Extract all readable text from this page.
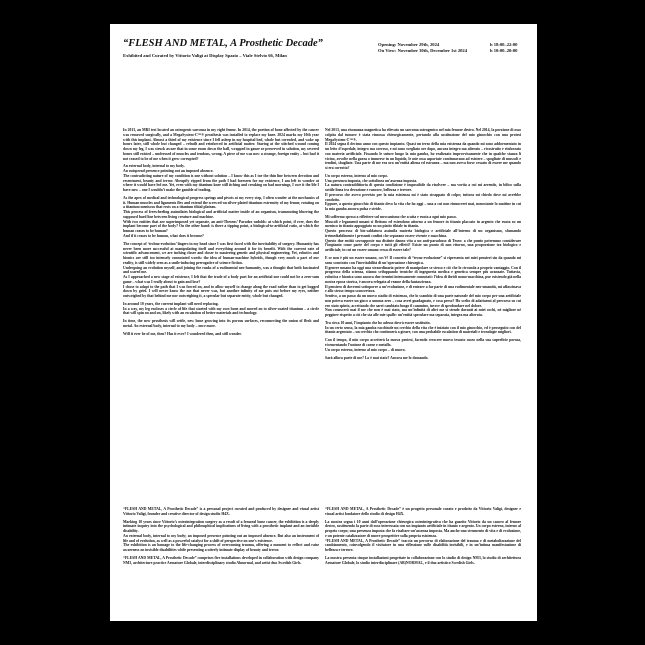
“FLESH AND METAL, A Prosthetic Decade”
Exhibited and Curated by Vittorio Valigi at Display Spazio – Viale Stelvio 66, Milan
Opening: November 29th, 2024	h 18:00–22:00
On View: November 30th, December 1st 2024	h 10:00–20:00

In 2013, an MRI test located an osteogenic sarcoma in my right femur. In 2014, the portion of bone affected by the cancer was removed surgically, and a MegaSystem-C™® prosthesis was installed to replace my knee. 2024 marks my 10th year with this implant. Almost a third of my existence since I fell asleep in my hospital bed, whole but corroded, and woke up hours later, still whole but changed – rebuilt and reinforced in artificial matter. Staring at the stitched wound coming down my leg, I was struck aware that in some room down the hall, wrapped in gauze or preserved in solution, my severed bones still existed – undressed of muscles and tendons, wrong. A piece of me was now a strange, foreign entity – but had it not ceased to be of me when it grew corrupted?

An external body, internal to my body.
An outspread presence pointing out an imposed absence.
The contradicting nature of my condition is one without solution – I know this as I toe the thin line between devotion and resentment, beauty and terror. Abruptly ripped from the path I had foreseen for my existence, I am left to wonder at where it would have led me. Yet, even with my titanium knee still itching and creaking on bad mornings, I owe it the life I have now – one I wouldn’t make the gamble of trading.

As the apex of medical and technological progress springs and pivots at my every step, I often wonder at the mechanics of it. Human muscles and ligaments flex and extend the screwed-on silver-plated titanium extremity of my femur, rotating on a titanium meniscus that rests on a titanium tibial plateau.
This process of freewheeling assimilates biological and artificial matter inside of an organism, transmuting blurring the supposed hard line between living creature and machine.
With two entities that are superimposed yet separate, an anti-Theseus’ Paradox unfolds: at which point, if ever, does the implant become part of the body? On the other hand: is there a tipping point, a biological-to-artificial ratio, at which the human ceases to be human?
And if it ceases to be human, what does it become?

The concept of ‘techno-evolution’ lingers in my head since I was first faced with the inevitability of surgery. Humanity has never been more successful at manipulating itself and everything around it for its benefit. With the current rate of scientific advancement, we are inching closer and closer to mastering genetic and physical engineering. Yet, robotics and bionics are still too intensely connotated words: the idea of human-machine hybrids, though very much a part of our reality, is still widely seen as a smile-inducing prerogative of science fiction.
Undergoing an evolution myself, and joining the ranks of a rudimental neo-humanity, was a thought that both fascinated and scared me.
As I approached a new stage of existence, I felt that the trade of a body part for an artificial one could not be a zero-sum game – what was I really about to gain and lose?
I chose to adapt to the path that I was forced on, and to allow myself to change along the road rather than to get bogged down by grief. I will never know the me that never was, but another infinity of me puts out before my eyes, neither outweighed by that behind me nor outweighing it, a specular but separate entity, whole but changed.

In around 10 years, the current implant will need replacing.
In a way, my leg encloses a circle of life that started with my own bone and moved on to silver-coated titanium – a circle that will spin on and on, likely with an escalation of better materials and technology.

In time, the new prosthesis will settle, new bone growing into its porous surfaces, reconnecting the union of flesh and metal. An external body, internal to my body – once more.

Will it ever be of me, then? Has it ever? I wondered then, and still wonder.

Nel 2013, una risonanza magnetica ha rilevato un sarcoma osteogenico nel mio femore destro. Nel 2014, la porzione di osso colpita dal tumore è stata rimossa chirurgicamente, pertando alla sostituzione del mio ginocchio con una protesi MegaSystem-C™®.
Il 2024 segna il decimo anno con questo impianto. Quasi un terzo della mia esistenza da quando mi sono addormentato in un letto d’ospedale, integro ma corroso, e mi sono svegliato ore dopo, ancora integro ma alterato – ricostruito e rinforzato con materia artificiale. Fissando le suture lungo la mia gamba, ho realizzato improvvisamente che in qualche stanza lì vicino, avvolte nella garza o immerse in un liquido, le mie ossa asportate continuavano ad esistere – spogliate di muscoli e tendini, sbagliate. Una parte di me era ora un’entità aliena ed estranea – ma non aveva forse cessato di essere me quando si era corrotta?

Un corpo esterno, interno al mio corpo.
Una presenza imposta, che sottolinea un’assenza imposta.
La natura contraddittoria di questa condizione è impossibile da risolvere – ma vortia a cui mi arrendo, in bilico sulla sottile linea tra devozione e rancore, bellezza e terrore.
Il percorso che avevo previsto per la mia esistenza mi è stato strappato di colpo; tuttora mi chiedo dove mi avrebbe condotto.
Eppure, a questo ginocchio di titanio devo la vita che ho oggi – una a cui non rinuncerei mai, nonostante lo mattine in cui la mia gamba ancora pulsa e stride.

Mi soffermo spesso a riflettere sul meccanismo che scatta e ruota a ogni mio passo.
Muscoli e legamenti umani si flettono ed estendono attorno a un femore in titanio placcato in argento che ruota su un menisco in titanio appoggiato su un piatto tibiale in titanio.
Questo processo di bio-saldatura assimila materia biologica e artificiale all’interno di un organismo, sfumando irrimediabilmente i presunti confini che separano essere vivente e macchina.
Questo due entità sovrapposte ma distinte danno vita a un anti-paradosso di Teseo: a che punto potremmo considerare l’impianto come parte del corpo e tutti gli effetti? Esiste un punto di non ritorno, una proporzione tra biologico e artificiale, in cui un essere umano cessa di essere tale?

E se non è più un essere umano, cos’è? Il concetto di “tecno-evoluzione” si ripresenta nei miei pensieri sin da quando mi sono scontrato con l’inevitabilità di un’operazione chirurgica.
Il genere umano ha oggi una straordinaria potere di manipolare se stesso e ciò che lo circonda a proprio vantaggio. Con il progresso della scienza, stiamo sviluppando tecniche di ingegneria medica e genetica sempre più avanzate. Tuttavia, robotica e bionica sono ancora due termini intensamente connotati: l’idea di ibridi uomo-macchina, pur esistendo già nella nostra epoca storica, è ancora relegata al reame della fantascienza.
Il pensiero di dovermi sottoporre a un’evoluzione, e di entrare a far parte di una rudimentale neo-umanità, mi affascinava e allo stesso tempo sconcertava.
Sentivo, a un passo da un nuovo stadio di esistenza, che lo scambio di una parte naturale del mio corpo per una artificiale non poteva essere un gioco a somma zero – cosa avrei guadagnato, e cosa perso? Ho scelto di adattarmi al percorso su cui ero stato spinto, accettando che sarei cambiato lungo il cammino, invece di sprofondare nel dolore.
Non conoscerò mai il me che non è mai stato, ma un’infinità di altri me si stende davanti ai miei occhi, né migliore né peggiore rispetto a ciò che sta alle mie spalle: un’entità speculare ma separata, integra ma alterata.

Tra circa 10 anni, l’impianto che ho adesso dovrà essere sostituito.
In un certo senso, la mia gamba racchiude un cerchio della vita che è iniziato con il mio ginocchio, ed è proseguito con del titanio argentato – un cerchio che continuerà a girare, con una probabile escalation di materiali e tecnologie migliori.

Con il tempo, il mio corpo accetterà la nuova protesi, facendo crescere nuovo tessuto osseo nella sua superficie porosa, ricementando l’unione di carne e metallo.
Un corpo esterno, interno al mio corpo – di nuovo.

Sarà allora parte di me? Lo è mai stato? Ancora me lo domando.

“FLESH AND METAL, A Prosthetic Decade” is a personal project curated and produced by designer and visual artist Vittorio Valigi, founder and creative director of design studio H4X.

Marking 10 years since Vittorio’s osteointegration surgery as a result of a femoral bone cancer, the exhibition is a deeply intimate inquiry into the psychological and philosophical implications of living with a prosthetic implant and an invisible disability.
An external body, internal to my body; an imposed presence pointing out an imposed absence. But also an instrument of life and of evolution, as well as a powerful catalyst for a shift of perspective on one’s existence.
The exhibition is an homage to the life-changing process of overcoming trauma, offering a moment to reflect and raise awareness on invisible disabilities while presenting a utterly intimate display of beauty and terror.

“FLESH AND METAL, A Prosthetic Decade” comprises five installations developed in collaboration with design company NM3, architecture practice Armature Globale, interdisciplinary studio Abnormal, and artist duo Swedish Girls.

“FLESH AND METAL, A Prosthetic Decade” è un progetto personale curato e prodotto da Vittorio Valigi, designer e visual artist fondatore dello studio di design H4X.

La mostra segna i 10 anni dall’operazione chirurgica osteointegrativa che ha guarito Vittorio da un cancro al femore destro, sostituendo la parte di osso interessata con un impianto artificiale in titanio e argento. Un corpo esterno, interno al proprio corpo; una presenza imposta che fa risaltare un’assenza imposta. Ma anche uno strumento di vita e di evoluzione, e un potente catalizzatore di nuove prospettive sulla propria esistenza.
“FLESH AND METAL, A Prosthetic Decade” traccia un percorso di elaborazione del trauma e di metabolizzazione del cambiamento, coinvolgendo il visitatore in una riflessione sulle disabilità invisibili, e in un’intima manifestazione di bellezza e terrore.

La mostra presenta cinque installazioni progettate in collaborazione con lo studio di design NM3, lo studio di architettura Armature Globale, lo studio interdisciplinare (AB)NORMAL, e il duo artistico Swedish Girls.
